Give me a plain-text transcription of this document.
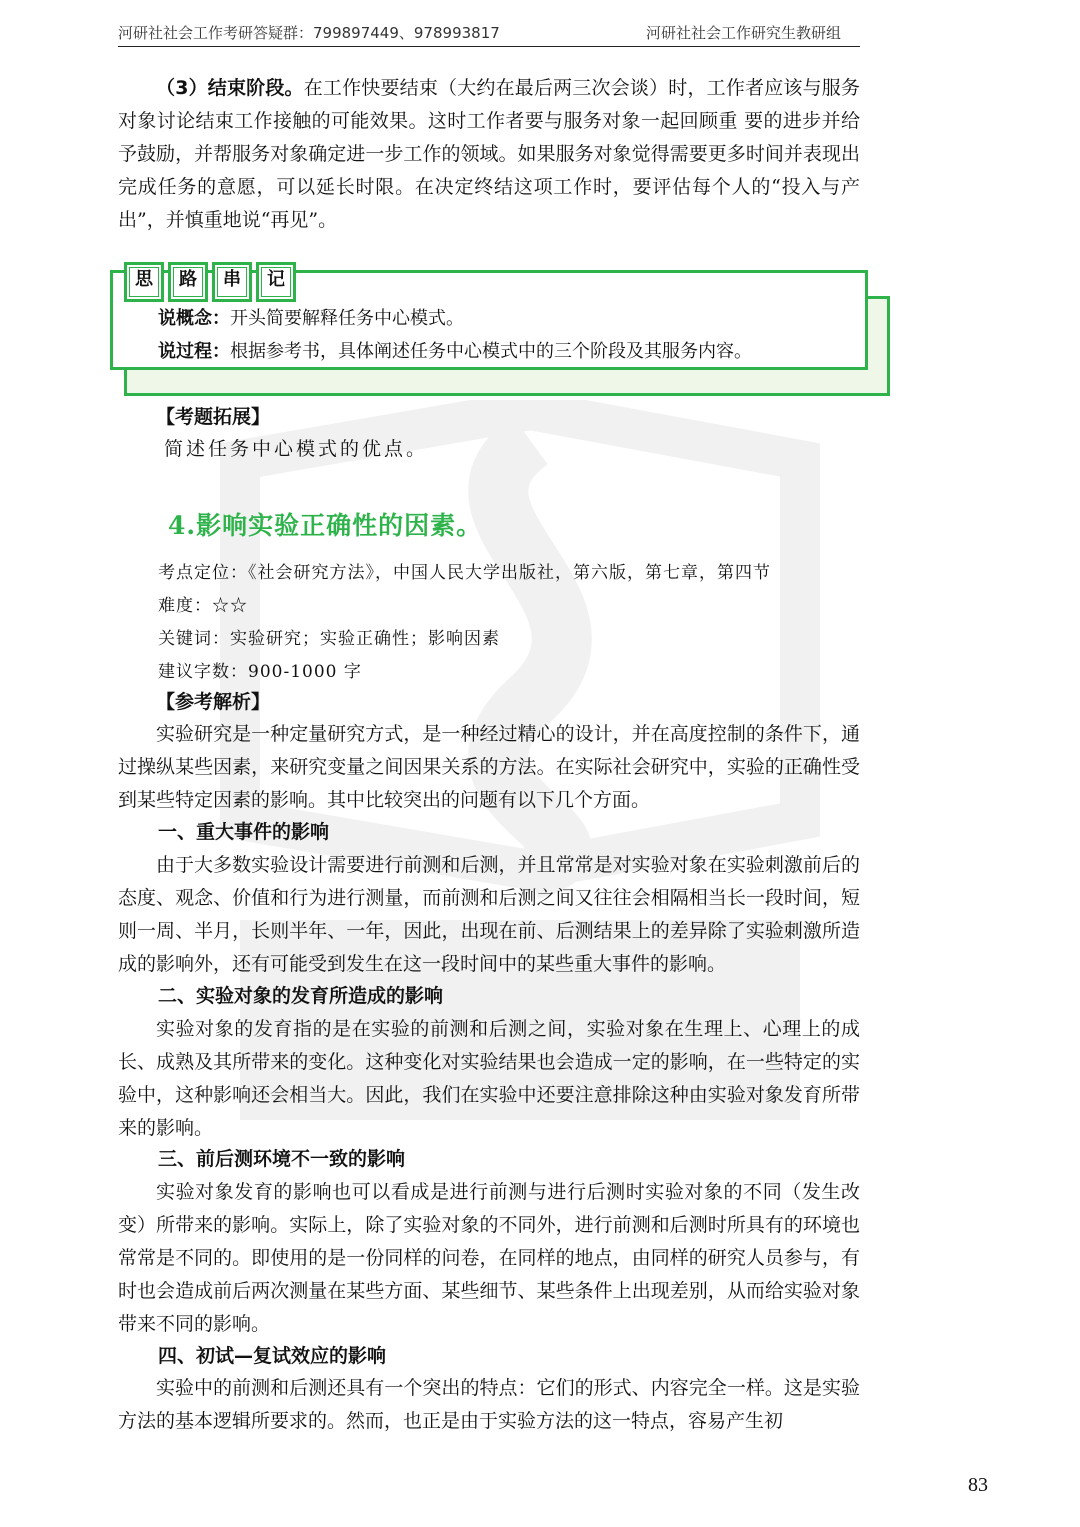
河研社社会工作考研答疑群：799897449、978993817	河研社社会工作研究生教研组

（3）结束阶段。在工作快要结束（大约在最后两三次会谈）时，工作者应该与服务对象讨论结束工作接触的可能效果。这时工作者要与服务对象一起回顾重 要的进步并给予鼓励，并帮服务对象确定进一步工作的领域。如果服务对象觉得需要更多时间并表现出完成任务的意愿，可以延长时限。在决定终结这项工作时，要评估每个人的“投入与产出”，并慎重地说“再见”。

思	路	串	记
说概念：开头简要解释任务中心模式。
说过程：根据参考书，具体阐述任务中心模式中的三个阶段及其服务内容。
【考题拓展】
简述任务中心模式的优点。
4.影响实验正确性的因素。
考点定位：《社会研究方法》，中国人民大学出版社，第六版，第七章，第四节
难度：☆☆
关键词：实验研究；实验正确性；影响因素
建议字数：900-1000 字
【参考解析】

实验研究是一种定量研究方式，是一种经过精心的设计，并在高度控制的条件下，通过操纵某些因素，来研究变量之间因果关系的方法。在实际社会研究中，实验的正确性受到某些特定因素的影响。其中比较突出的问题有以下几个方面。

一、重大事件的影响

由于大多数实验设计需要进行前测和后测，并且常常是对实验对象在实验刺激前后的态度、观念、价值和行为进行测量，而前测和后测之间又往往会相隔相当长一段时间，短则一周、半月，长则半年、一年，因此，出现在前、后测结果上的差异除了实验刺激所造成的影响外，还有可能受到发生在这一段时间中的某些重大事件的影响。

二、实验对象的发育所造成的影响

实验对象的发育指的是在实验的前测和后测之间，实验对象在生理上、心理上的成长、成熟及其所带来的变化。这种变化对实验结果也会造成一定的影响，在一些特定的实验中，这种影响还会相当大。因此，我们在实验中还要注意排除这种由实验对象发育所带来的影响。

三、前后测环境不一致的影响

实验对象发育的影响也可以看成是进行前测与进行后测时实验对象的不同（发生改变）所带来的影响。实际上，除了实验对象的不同外，进行前测和后测时所具有的环境也常常是不同的。即使用的是一份同样的问卷，在同样的地点，由同样的研究人员参与，有时也会造成前后两次测量在某些方面、某些细节、某些条件上出现差别，从而给实验对象带来不同的影响。

四、初试—复试效应的影响

实验中的前测和后测还具有一个突出的特点：它们的形式、内容完全一样。这是实验方法的基本逻辑所要求的。然而，也正是由于实验方法的这一特点，容易产生初

83
